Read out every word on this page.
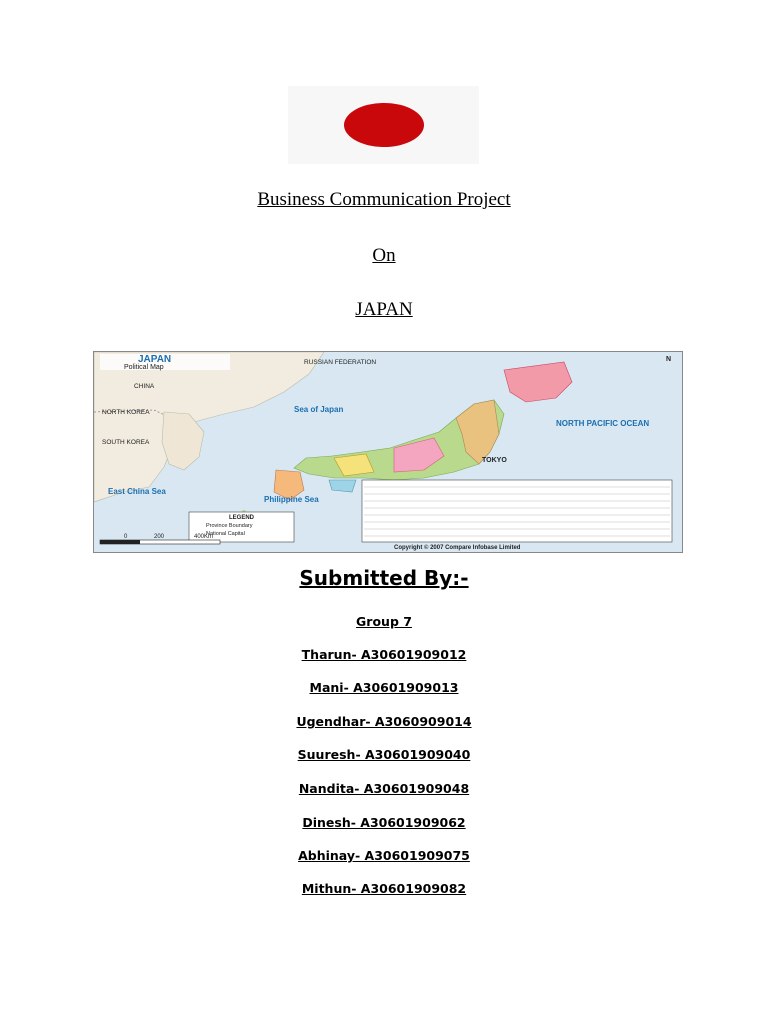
Business Communication Project
On
JAPAN
JAPAN
Political Map
RUSSIAN FEDERATION
CHINA
NORTH KOREA
SOUTH KOREA
Sea of Japan
NORTH PACIFIC OCEAN
East China Sea
Philippine Sea
TOKYO
N
LEGEND
Province Boundary
National Capital
0	200	400Km
Copyright © 2007 Compare Infobase Limited
Submitted By:-
Group 7
Tharun- A30601909012
Mani- A30601909013
Ugendhar- A3060909014
Suuresh- A30601909040
Nandita- A30601909048
Dinesh- A30601909062
Abhinay- A30601909075
Mithun- A30601909082
